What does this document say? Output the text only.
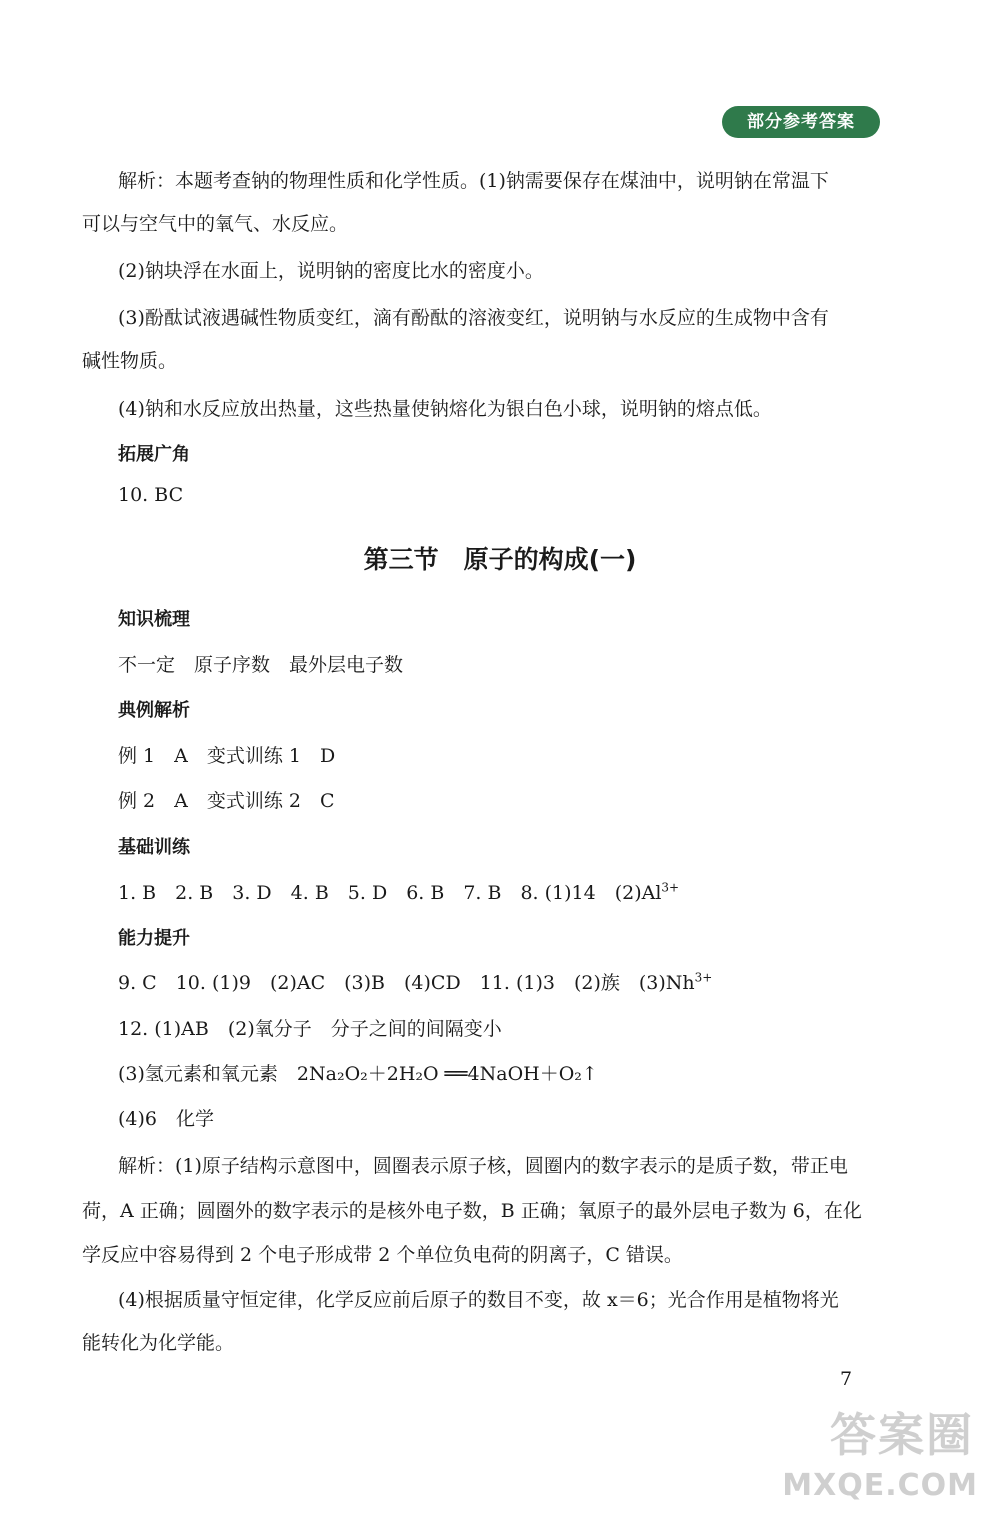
部分参考答案
解析：本题考查钠的物理性质和化学性质。(1)钠需要保存在煤油中，说明钠在常温下
可以与空气中的氧气、水反应。
(2)钠块浮在水面上，说明钠的密度比水的密度小。
(3)酚酞试液遇碱性物质变红，滴有酚酞的溶液变红，说明钠与水反应的生成物中含有
碱性物质。
(4)钠和水反应放出热量，这些热量使钠熔化为银白色小球，说明钠的熔点低。
拓展广角
10. BC
第三节　原子的构成(一)
知识梳理
不一定　原子序数　最外层电子数
典例解析
例 1　A　变式训练 1　D
例 2　A　变式训练 2　C
基础训练
1. B　2. B　3. D　4. B　5. D　6. B　7. B　8. (1)14　$(2)Al^{3+}$
能力提升
9. C　10. (1)9　(2)AC　(3)B　(4)CD　11. (1)3　(2)族　$(3)Nh^{3+}$
12. (1)AB　(2)氧分子　分子之间的间隔变小
(3)氢元素和氧元素　2Na₂O₂＋2H₂O ══4NaOH＋O₂↑
(4)6　化学
解析：(1)原子结构示意图中，圆圈表示原子核，圆圈内的数字表示的是质子数，带正电
荷，A 正确；圆圈外的数字表示的是核外电子数，B 正确；氧原子的最外层电子数为 6，在化
学反应中容易得到 2 个电子形成带 2 个单位负电荷的阴离子，C 错误。
(4)根据质量守恒定律，化学反应前后原子的数目不变，故 x＝6；光合作用是植物将光
能转化为化学能。
7
答案圈
MXQE.COM
